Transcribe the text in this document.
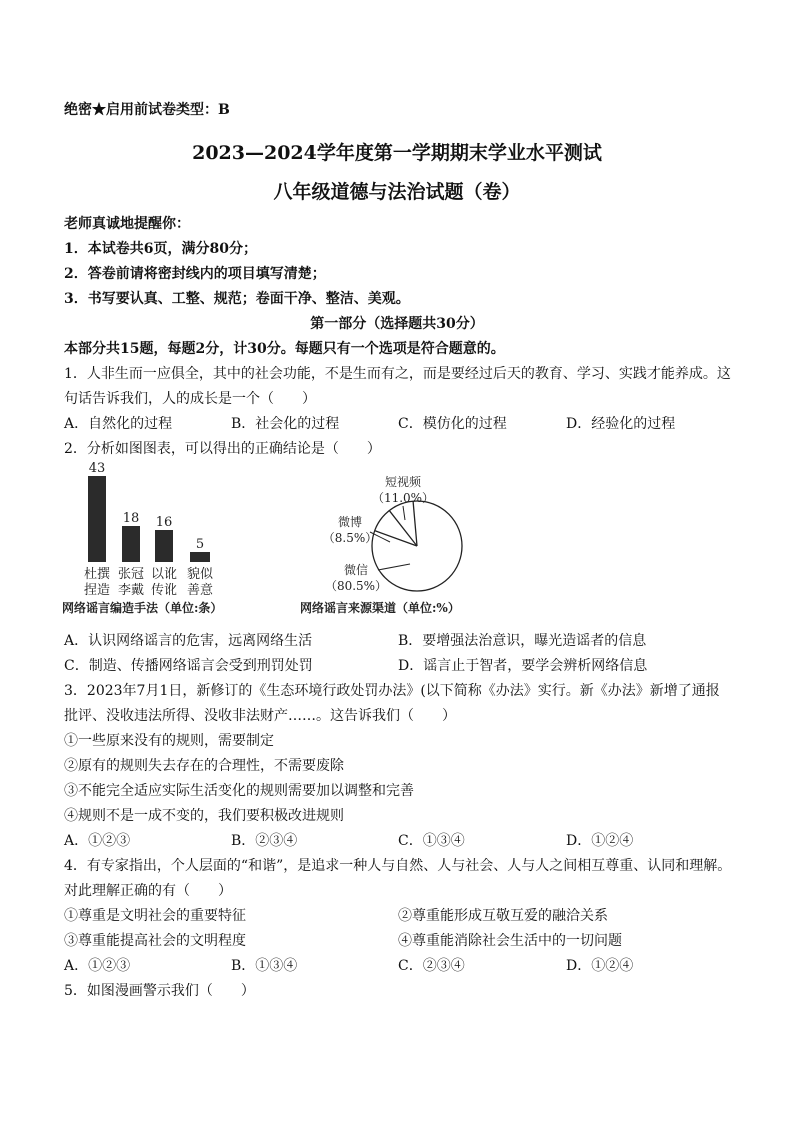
绝密★启用前试卷类型：B
2023—2024学年度第一学期期末学业水平测试
八年级道德与法治试题（卷）
老师真诚地提醒你：
1．本试卷共6页，满分80分；
2．答卷前请将密封线内的项目填写清楚；
3．书写要认真、工整、规范；卷面干净、整洁、美观。
第一部分（选择题共30分）
本部分共15题，每题2分，计30分。每题只有一个选项是符合题意的。
1．人非生而一应俱全，其中的社会功能，不是生而有之，而是要经过后天的教育、学习、实践才能养成。这
句话告诉我们，人的成长是一个（　　）
A．自然化的过程	B．社会化的过程	C．模仿化的过程	D．经验化的过程
2．分析如图图表，可以得出的正确结论是（　　）
43
杜撰
捏造
18
张冠
李戴
16
以讹
传讹
5
貌似
善意
网络谣言编造手法（单位:条）
短视频
（11.0%）
微博
（8.5%）
微信
（80.5%）
网络谣言来源渠道（单位:%）
A．认识网络谣言的危害，远离网络生活	B．要增强法治意识，曝光造谣者的信息
C．制造、传播网络谣言会受到刑罚处罚	D．谣言止于智者，要学会辨析网络信息
3．2023年7月1日，新修订的《生态环境行政处罚办法》(以下简称《办法》实行。新《办法》新增了通报
批评、没收违法所得、没收非法财产……。这告诉我们（　　）
①一些原来没有的规则，需要制定
②原有的规则失去存在的合理性，不需要废除
③不能完全适应实际生活变化的规则需要加以调整和完善
④规则不是一成不变的，我们要积极改进规则
A．①②③	B．②③④	C．①③④	D．①②④
4．有专家指出，个人层面的“和谐”，是追求一种人与自然、人与社会、人与人之间相互尊重、认同和理解。
对此理解正确的有（　　）
①尊重是文明社会的重要特征	②尊重能形成互敬互爱的融洽关系
③尊重能提高社会的文明程度	④尊重能消除社会生活中的一切问题
A．①②③	B．①③④	C．②③④	D．①②④
5．如图漫画警示我们（　　）
